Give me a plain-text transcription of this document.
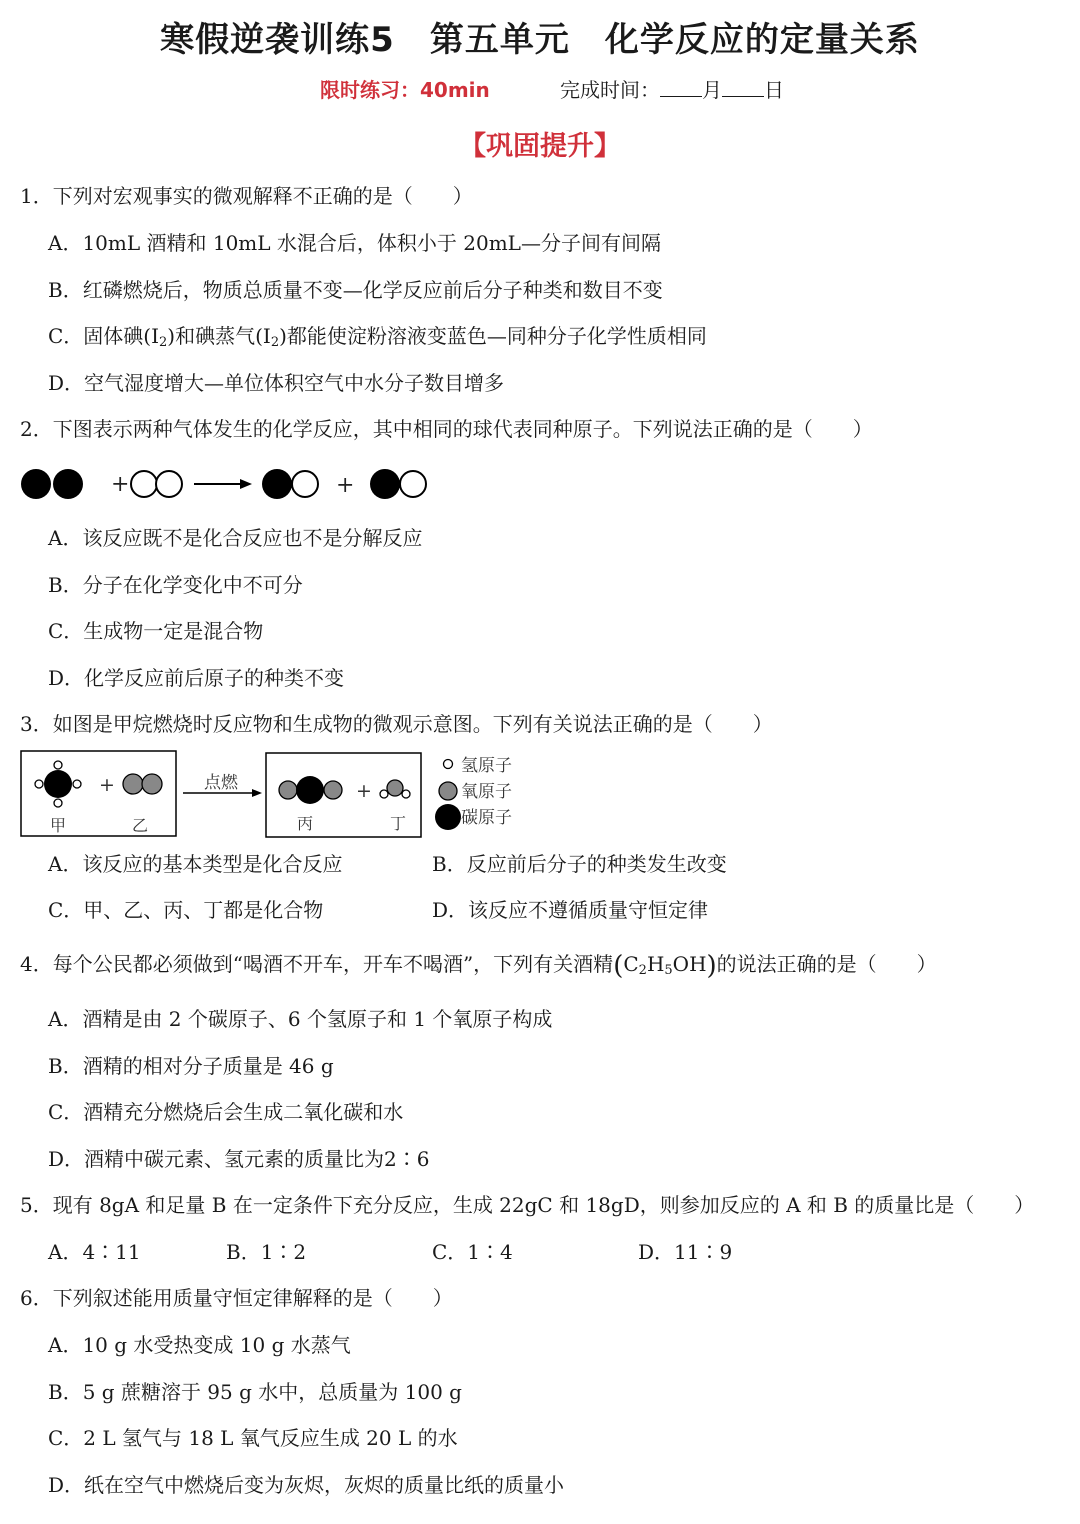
寒假逆袭训练5　第五单元　化学反应的定量关系
限时练习：40min	完成时间： 月 日
【巩固提升】
1．下列对宏观事实的微观解释不正确的是（　　）
A．10mL 酒精和 10mL 水混合后，体积小于 20mL—分子间有间隔
B．红磷燃烧后，物质总质量不变—化学反应前后分子种类和数目不变
C．固体碘$(I_2)$和碘蒸气$(I_2)$都能使淀粉溶液变蓝色—同种分子化学性质相同
D．空气湿度增大—单位体积空气中水分子数目增多
2．下图表示两种气体发生的化学反应，其中相同的球代表同种原子。下列说法正确的是（　　）
+	+
A．该反应既不是化合反应也不是分解反应
B．分子在化学变化中不可分
C．生成物一定是混合物
D．化学反应前后原子的种类不变
3．如图是甲烷燃烧时反应物和生成物的微观示意图。下列有关说法正确的是（　　）
+
甲	乙
点燃	+
丙	丁
氢原子
氧原子
碳原子
A．该反应的基本类型是化合反应	B．反应前后分子的种类发生改变
C．甲、乙、丙、丁都是化合物	D．该反应不遵循质量守恒定律
4．每个公民都必须做到“喝酒不开车，开车不喝酒”，下列有关酒精$(C_2H_5OH)$的说法正确的是（　　）
A．酒精是由 2 个碳原子、6 个氢原子和 1 个氧原子构成
B．酒精的相对分子质量是 46 g
C．酒精充分燃烧后会生成二氧化碳和水
D．酒精中碳元素、氢元素的质量比为2∶6
5．现有 8gA 和足量 B 在一定条件下充分反应，生成 22gC 和 18gD，则参加反应的 A 和 B 的质量比是（　　）
A．4∶11	B．1∶2	C．1∶4	D．11∶9
6．下列叙述能用质量守恒定律解释的是（　　）
A．10 g 水受热变成 10 g 水蒸气
B．5 g 蔗糖溶于 95 g 水中，总质量为 100 g
C．2 L 氢气与 18 L 氧气反应生成 20 L 的水
D．纸在空气中燃烧后变为灰烬，灰烬的质量比纸的质量小
